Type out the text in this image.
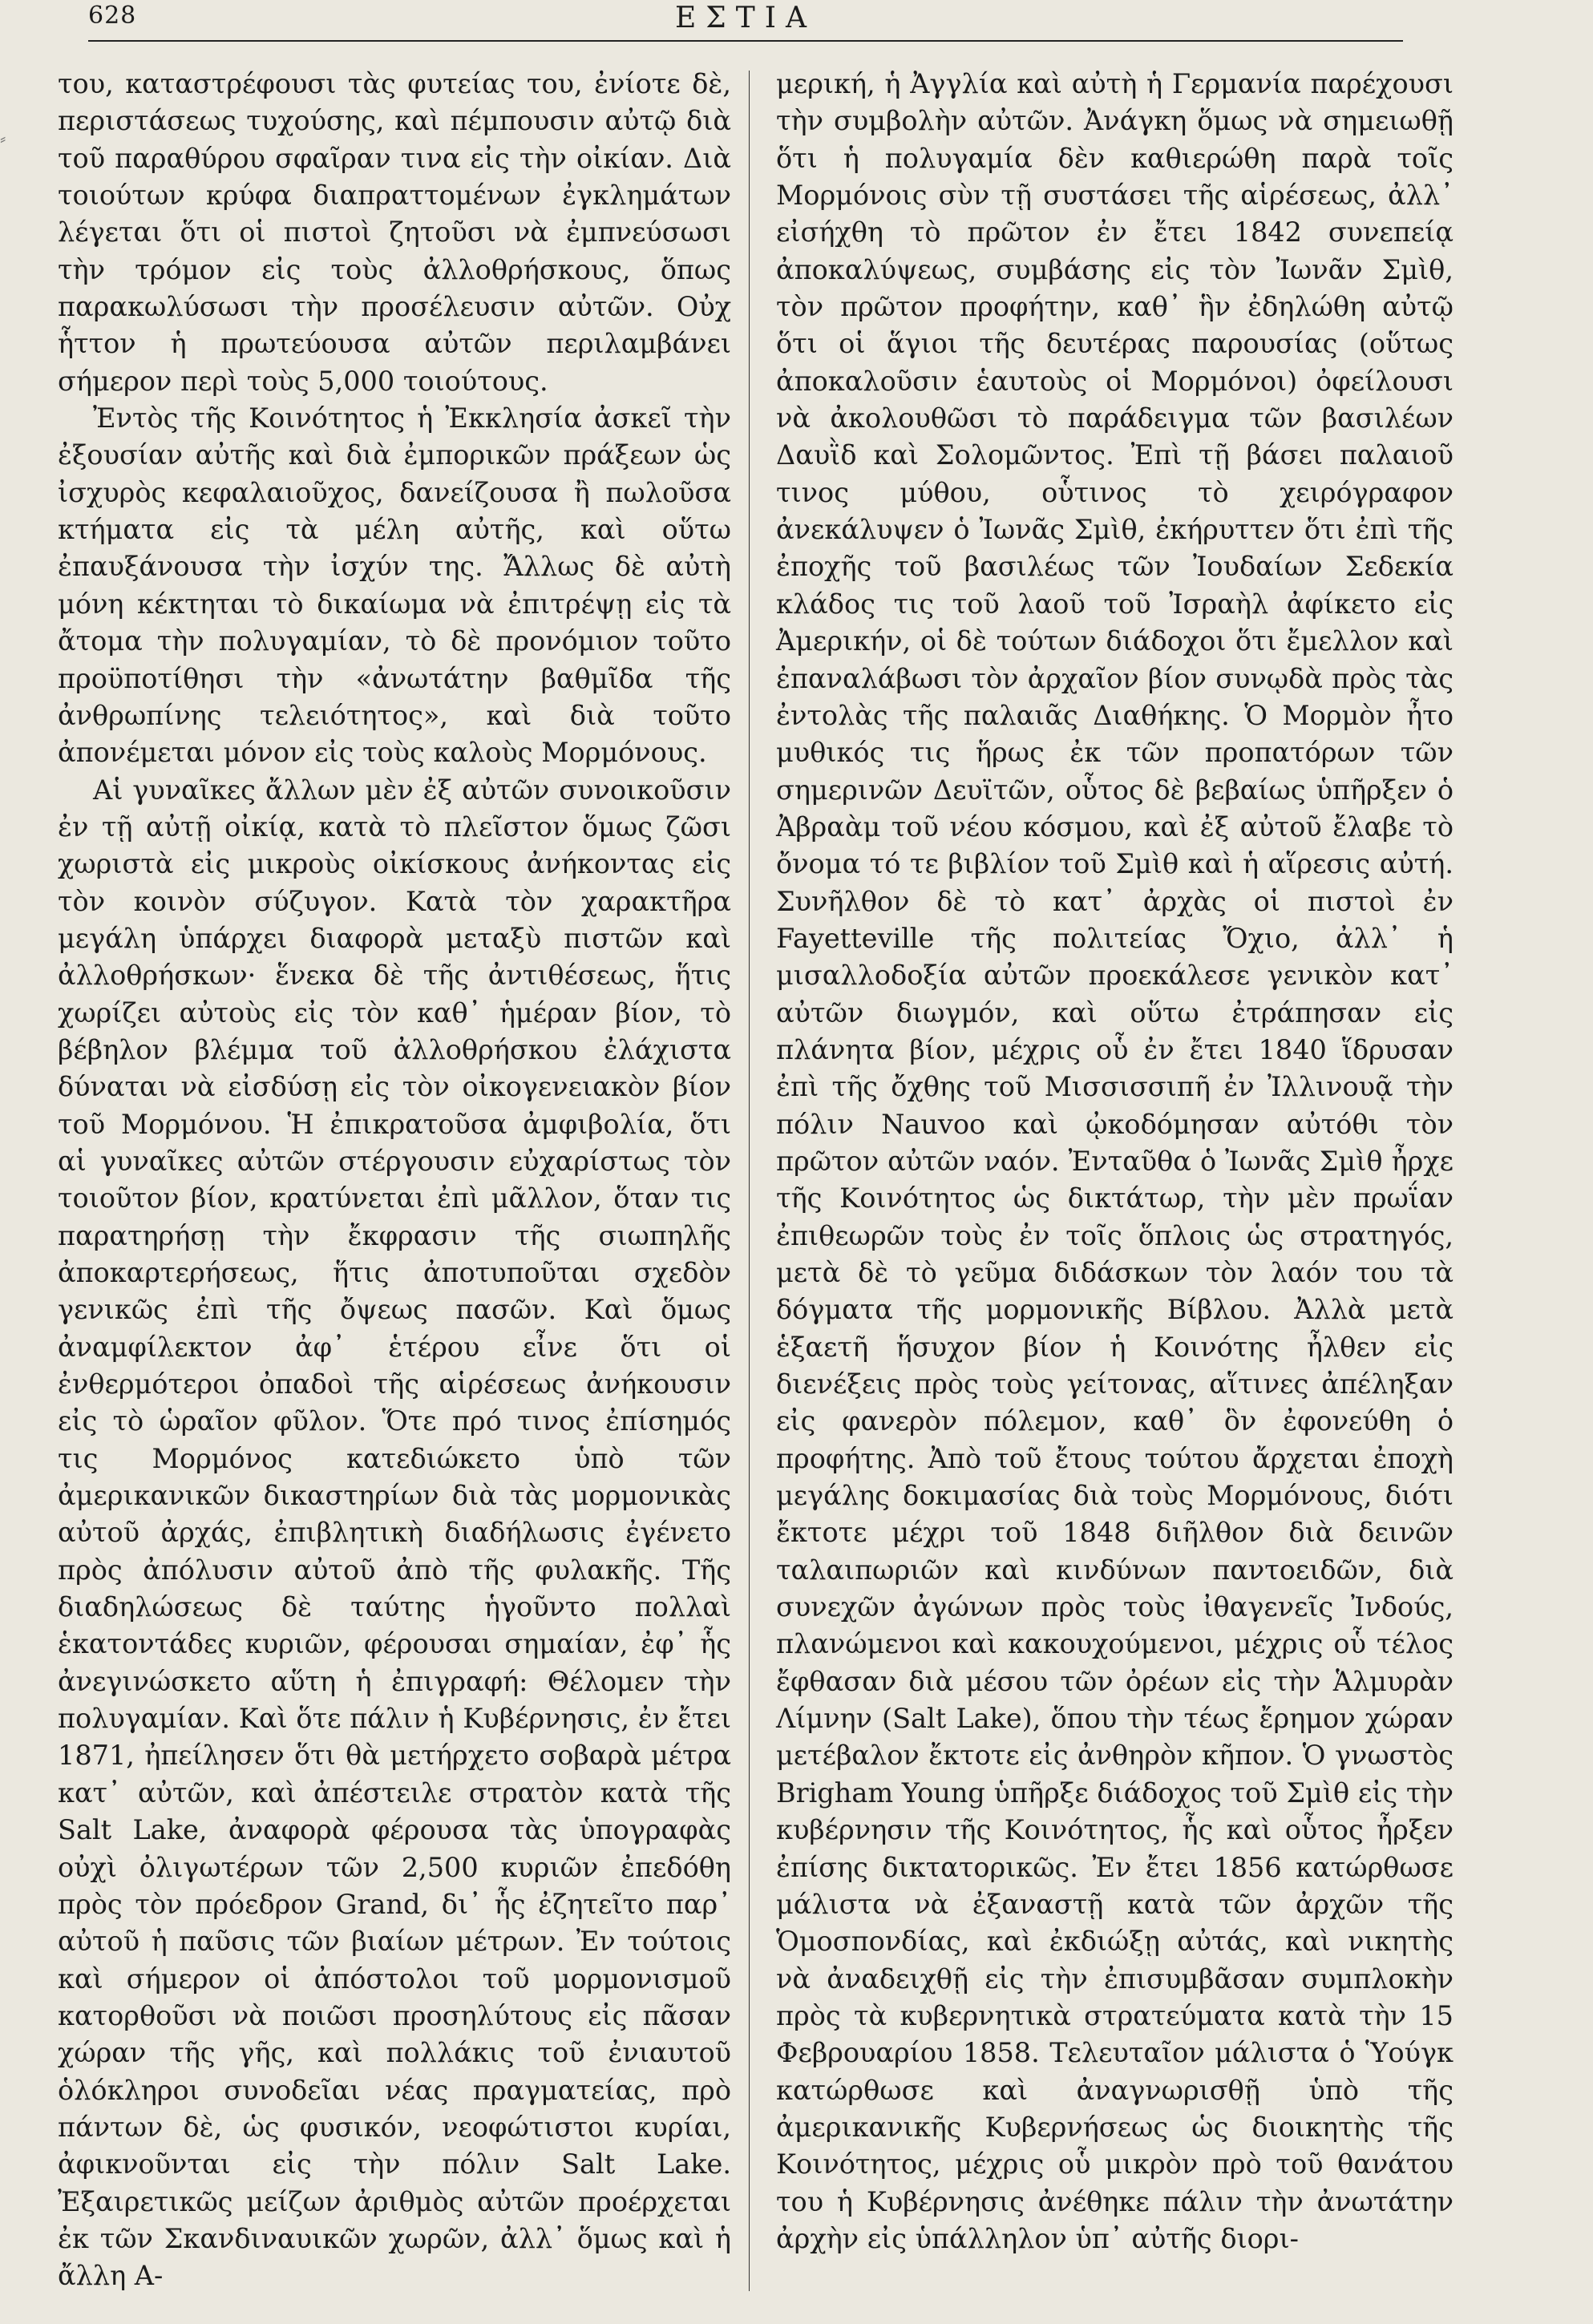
628	ΕΣΤΙΑ
⸗

του, καταστρέφουσι τὰς φυτείας του, ἐνίοτε δὲ, περιστάσεως τυχούσης, καὶ πέμπουσιν αὐτῷ διὰ τοῦ παραθύρου σφαῖραν τινα εἰς τὴν οἰκίαν. Διὰ τοιούτων κρύφα διαπραττομένων ἐγκλημάτων λέγεται ὅτι οἱ πιστοὶ ζητοῦσι νὰ ἐμπνεύσωσι τὴν τρόμον εἰς τοὺς ἀλλοθρήσκους, ὅπως παρακωλύσωσι τὴν προσέλευσιν αὐτῶν. Οὐχ ἧττον ἡ πρωτεύουσα αὐτῶν περιλαμβάνει σήμερον περὶ τοὺς 5,000 τοιούτους.

Ἐντὸς τῆς Κοινότητος ἡ Ἐκκλησία ἀσκεῖ τὴν ἐξουσίαν αὐτῆς καὶ διὰ ἐμπορικῶν πράξεων ὡς ἰσχυρὸς κεφαλαιοῦχος, δανείζουσα ἢ πωλοῦσα κτήματα εἰς τὰ μέλη αὐτῆς, καὶ οὕτω ἐπαυξάνουσα τὴν ἰσχύν της. Ἄλλως δὲ αὐτὴ μόνη κέκτηται τὸ δικαίωμα νὰ ἐπιτρέψῃ εἰς τὰ ἄτομα τὴν πολυγαμίαν, τὸ δὲ προνόμιον τοῦτο προϋποτίθησι τὴν «ἀνωτάτην βαθμῖδα τῆς ἀνθρωπίνης τελειότητος», καὶ διὰ τοῦτο ἀπονέμεται μόνον εἰς τοὺς καλοὺς Μορμόνους.

Αἱ γυναῖκες ἄλλων μὲν ἐξ αὐτῶν συνοικοῦσιν ἐν τῇ αὐτῇ οἰκίᾳ, κατὰ τὸ πλεῖστον ὅμως ζῶσι χωριστὰ εἰς μικροὺς οἰκίσκους ἀνήκοντας εἰς τὸν κοινὸν σύζυγον. Κατὰ τὸν χαρακτῆρα μεγάλη ὑπάρχει διαφορὰ μεταξὺ πιστῶν καὶ ἀλλοθρήσκων· ἕνεκα δὲ τῆς ἀντιθέσεως, ἥτις χωρίζει αὐτοὺς εἰς τὸν καθ᾽ ἡμέραν βίον, τὸ βέβηλον βλέμμα τοῦ ἀλλοθρήσκου ἐλάχιστα δύναται νὰ εἰσδύσῃ εἰς τὸν οἰκογενειακὸν βίον τοῦ Μορμόνου. Ἡ ἐπικρατοῦσα ἀμφιβολία, ὅτι αἱ γυναῖκες αὐτῶν στέργουσιν εὐχαρίστως τὸν τοιοῦτον βίον, κρατύνεται ἐπὶ μᾶλλον, ὅταν τις παρατηρήσῃ τὴν ἔκφρασιν τῆς σιωπηλῆς ἀποκαρτερήσεως, ἥτις ἀποτυποῦται σχεδὸν γενικῶς ἐπὶ τῆς ὄψεως πασῶν. Καὶ ὅμως ἀναμφίλεκτον ἀφ᾽ ἑτέρου εἶνε ὅτι οἱ ἐνθερμότεροι ὀπαδοὶ τῆς αἱρέσεως ἀνήκουσιν εἰς τὸ ὡραῖον φῦλον. Ὅτε πρό τινος ἐπίσημός τις Μορμόνος κατεδιώκετο ὑπὸ τῶν ἀμερικανικῶν δικαστηρίων διὰ τὰς μορμονικὰς αὐτοῦ ἀρχάς, ἐπιβλητικὴ διαδήλωσις ἐγένετο πρὸς ἀπόλυσιν αὐτοῦ ἀπὸ τῆς φυλακῆς. Τῆς διαδηλώσεως δὲ ταύτης ἡγοῦντο πολλαὶ ἑκατοντάδες κυριῶν, φέρουσαι σημαίαν, ἐφ᾽ ἧς ἀνεγινώσκετο αὕτη ἡ ἐπιγραφή: Θέλομεν τὴν πολυγαμίαν. Καὶ ὅτε πάλιν ἡ Κυβέρνησις, ἐν ἔτει 1871, ἠπείλησεν ὅτι θὰ μετήρχετο σοβαρὰ μέτρα κατ᾽ αὐτῶν, καὶ ἀπέστειλε στρατὸν κατὰ τῆς Salt Lake, ἀναφορὰ φέρουσα τὰς ὑπογραφὰς οὐχὶ ὀλιγωτέρων τῶν 2,500 κυριῶν ἐπεδόθη πρὸς τὸν πρόεδρον Grand, δι᾽ ἧς ἐζητεῖτο παρ᾽ αὐτοῦ ἡ παῦσις τῶν βιαίων μέτρων. Ἐν τούτοις καὶ σήμερον οἱ ἀπόστολοι τοῦ μορμονισμοῦ κατορθοῦσι νὰ ποιῶσι προσηλύτους εἰς πᾶσαν χώραν τῆς γῆς, καὶ πολλάκις τοῦ ἐνιαυτοῦ ὁλόκληροι συνοδεῖαι νέας πραγματείας, πρὸ πάντων δὲ, ὡς φυσικόν, νεοφώτιστοι κυρίαι, ἀφικνοῦνται εἰς τὴν πόλιν Salt Lake. Ἐξαιρετικῶς μείζων ἀριθμὸς αὐτῶν προέρχεται ἐκ τῶν Σκανδιναυικῶν χωρῶν, ἀλλ᾽ ὅμως καὶ ἡ ἄλλη Α-

μερική, ἡ Ἀγγλία καὶ αὐτὴ ἡ Γερμανία παρέχουσι τὴν συμβολὴν αὐτῶν. Ἀνάγκη ὅμως νὰ σημειωθῇ ὅτι ἡ πολυγαμία δὲν καθιερώθη παρὰ τοῖς Μορμόνοις σὺν τῇ συστάσει τῆς αἱρέσεως, ἀλλ᾽ εἰσήχθη τὸ πρῶτον ἐν ἔτει 1842 συνεπείᾳ ἀποκαλύψεως, συμβάσης εἰς τὸν Ἰωνᾶν Σμὶθ, τὸν πρῶτον προφήτην, καθ᾽ ἣν ἐδηλώθη αὐτῷ ὅτι οἱ ἅγιοι τῆς δευτέρας παρουσίας (οὕτως ἀποκαλοῦσιν ἑαυτοὺς οἱ Μορμόνοι) ὀφείλουσι νὰ ἀκολουθῶσι τὸ παράδειγμα τῶν βασιλέων Δαυῒδ καὶ Σολομῶντος. Ἐπὶ τῇ βάσει παλαιοῦ τινος μύθου, οὗτινος τὸ χειρόγραφον ἀνεκάλυψεν ὁ Ἰωνᾶς Σμὶθ, ἐκήρυττεν ὅτι ἐπὶ τῆς ἐποχῆς τοῦ βασιλέως τῶν Ἰουδαίων Σεδεκία κλάδος τις τοῦ λαοῦ τοῦ Ἰσραὴλ ἀφίκετο εἰς Ἀμερικήν, οἱ δὲ τούτων διάδοχοι ὅτι ἔμελλον καὶ ἐπαναλάβωσι τὸν ἀρχαῖον βίον συνῳδὰ πρὸς τὰς ἐντολὰς τῆς παλαιᾶς Διαθήκης. Ὁ Μορμὸν ἦτο μυθικός τις ἥρως ἐκ τῶν προπατόρων τῶν σημερινῶν Δευϊτῶν, οὗτος δὲ βεβαίως ὑπῆρξεν ὁ Ἀβραὰμ τοῦ νέου κόσμου, καὶ ἐξ αὐτοῦ ἔλαβε τὸ ὄνομα τό τε βιβλίον τοῦ Σμὶθ καὶ ἡ αἵρεσις αὐτή. Συνῆλθον δὲ τὸ κατ᾽ ἀρχὰς οἱ πιστοὶ ἐν Fayetteville τῆς πολιτείας Ὄχιο, ἀλλ᾽ ἡ μισαλλοδοξία αὐτῶν προεκάλεσε γενικὸν κατ᾽ αὐτῶν διωγμόν, καὶ οὕτω ἐτράπησαν εἰς πλάνητα βίον, μέχρις οὗ ἐν ἔτει 1840 ἵδρυσαν ἐπὶ τῆς ὄχθης τοῦ Μισσισσιπῆ ἐν Ἰλλινουᾷ τὴν πόλιν Nauvoo καὶ ᾠκοδόμησαν αὐτόθι τὸν πρῶτον αὐτῶν ναόν. Ἐνταῦθα ὁ Ἰωνᾶς Σμὶθ ἦρχε τῆς Κοινότητος ὡς δικτάτωρ, τὴν μὲν πρωΐαν ἐπιθεωρῶν τοὺς ἐν τοῖς ὅπλοις ὡς στρατηγός, μετὰ δὲ τὸ γεῦμα διδάσκων τὸν λαόν του τὰ δόγματα τῆς μορμονικῆς Βίβλου. Ἀλλὰ μετὰ ἑξαετῆ ἥσυχον βίον ἡ Κοινότης ἦλθεν εἰς διενέξεις πρὸς τοὺς γείτονας, αἵτινες ἀπέληξαν εἰς φανερὸν πόλεμον, καθ᾽ ὃν ἐφονεύθη ὁ προφήτης. Ἀπὸ τοῦ ἔτους τούτου ἄρχεται ἐποχὴ μεγάλης δοκιμασίας διὰ τοὺς Μορμόνους, διότι ἔκτοτε μέχρι τοῦ 1848 διῆλθον διὰ δεινῶν ταλαιπωριῶν καὶ κινδύνων παντοειδῶν, διὰ συνεχῶν ἀγώνων πρὸς τοὺς ἰθαγενεῖς Ἰνδούς, πλανώμενοι καὶ κακουχούμενοι, μέχρις οὗ τέλος ἔφθασαν διὰ μέσου τῶν ὀρέων εἰς τὴν Ἁλμυρὰν Λίμνην (Salt Lake), ὅπου τὴν τέως ἔρημον χώραν μετέβαλον ἔκτοτε εἰς ἀνθηρὸν κῆπον. Ὁ γνωστὸς Brigham Young ὑπῆρξε διάδοχος τοῦ Σμὶθ εἰς τὴν κυβέρνησιν τῆς Κοινότητος, ἧς καὶ οὗτος ἦρξεν ἐπίσης δικτατορικῶς. Ἐν ἔτει 1856 κατώρθωσε μάλιστα νὰ ἐξαναστῇ κατὰ τῶν ἀρχῶν τῆς Ὁμοσπονδίας, καὶ ἐκδιώξῃ αὐτάς, καὶ νικητὴς νὰ ἀναδειχθῇ εἰς τὴν ἐπισυμβᾶσαν συμπλοκὴν πρὸς τὰ κυβερνητικὰ στρατεύματα κατὰ τὴν 15 Φεβρουαρίου 1858. Τελευταῖον μάλιστα ὁ Ὑούγκ κατώρθωσε καὶ ἀναγνωρισθῇ ὑπὸ τῆς ἀμερικανικῆς Κυβερνήσεως ὡς διοικητὴς τῆς Κοινότητος, μέχρις οὗ μικρὸν πρὸ τοῦ θανάτου του ἡ Κυβέρνησις ἀνέθηκε πάλιν τὴν ἀνωτάτην ἀρχὴν εἰς ὑπάλληλον ὑπ᾽ αὐτῆς διορι-
